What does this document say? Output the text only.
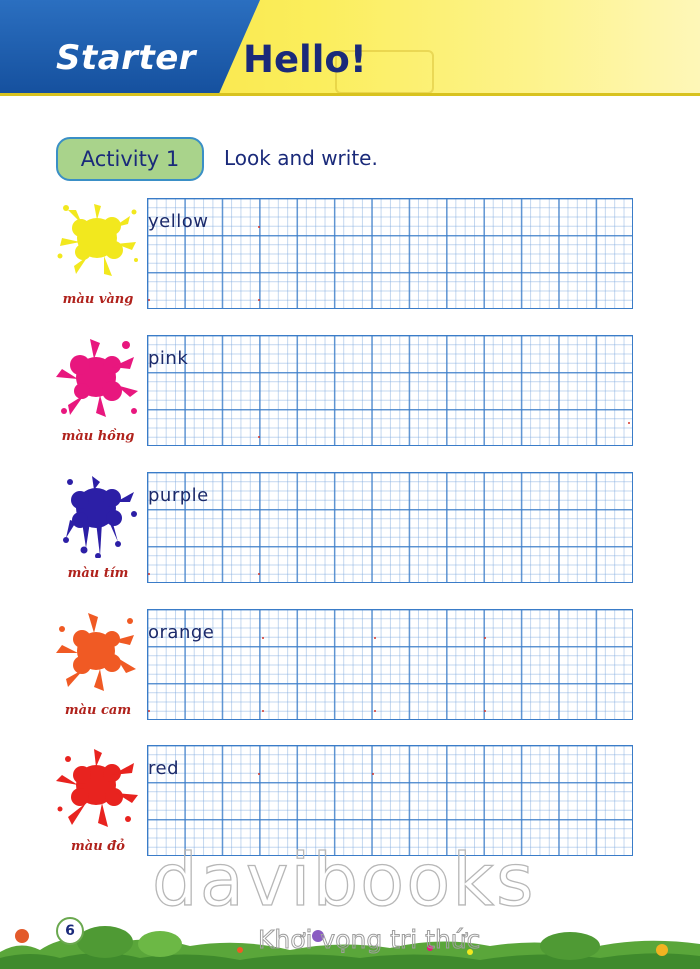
Starter Hello!
Activity 1	Look and write.
màu vàng
yellow
màu hồng
pink
màu tím
purple
màu cam
orange
màu đỏ
red
davibooks
Khơi vọng tri thức
6
